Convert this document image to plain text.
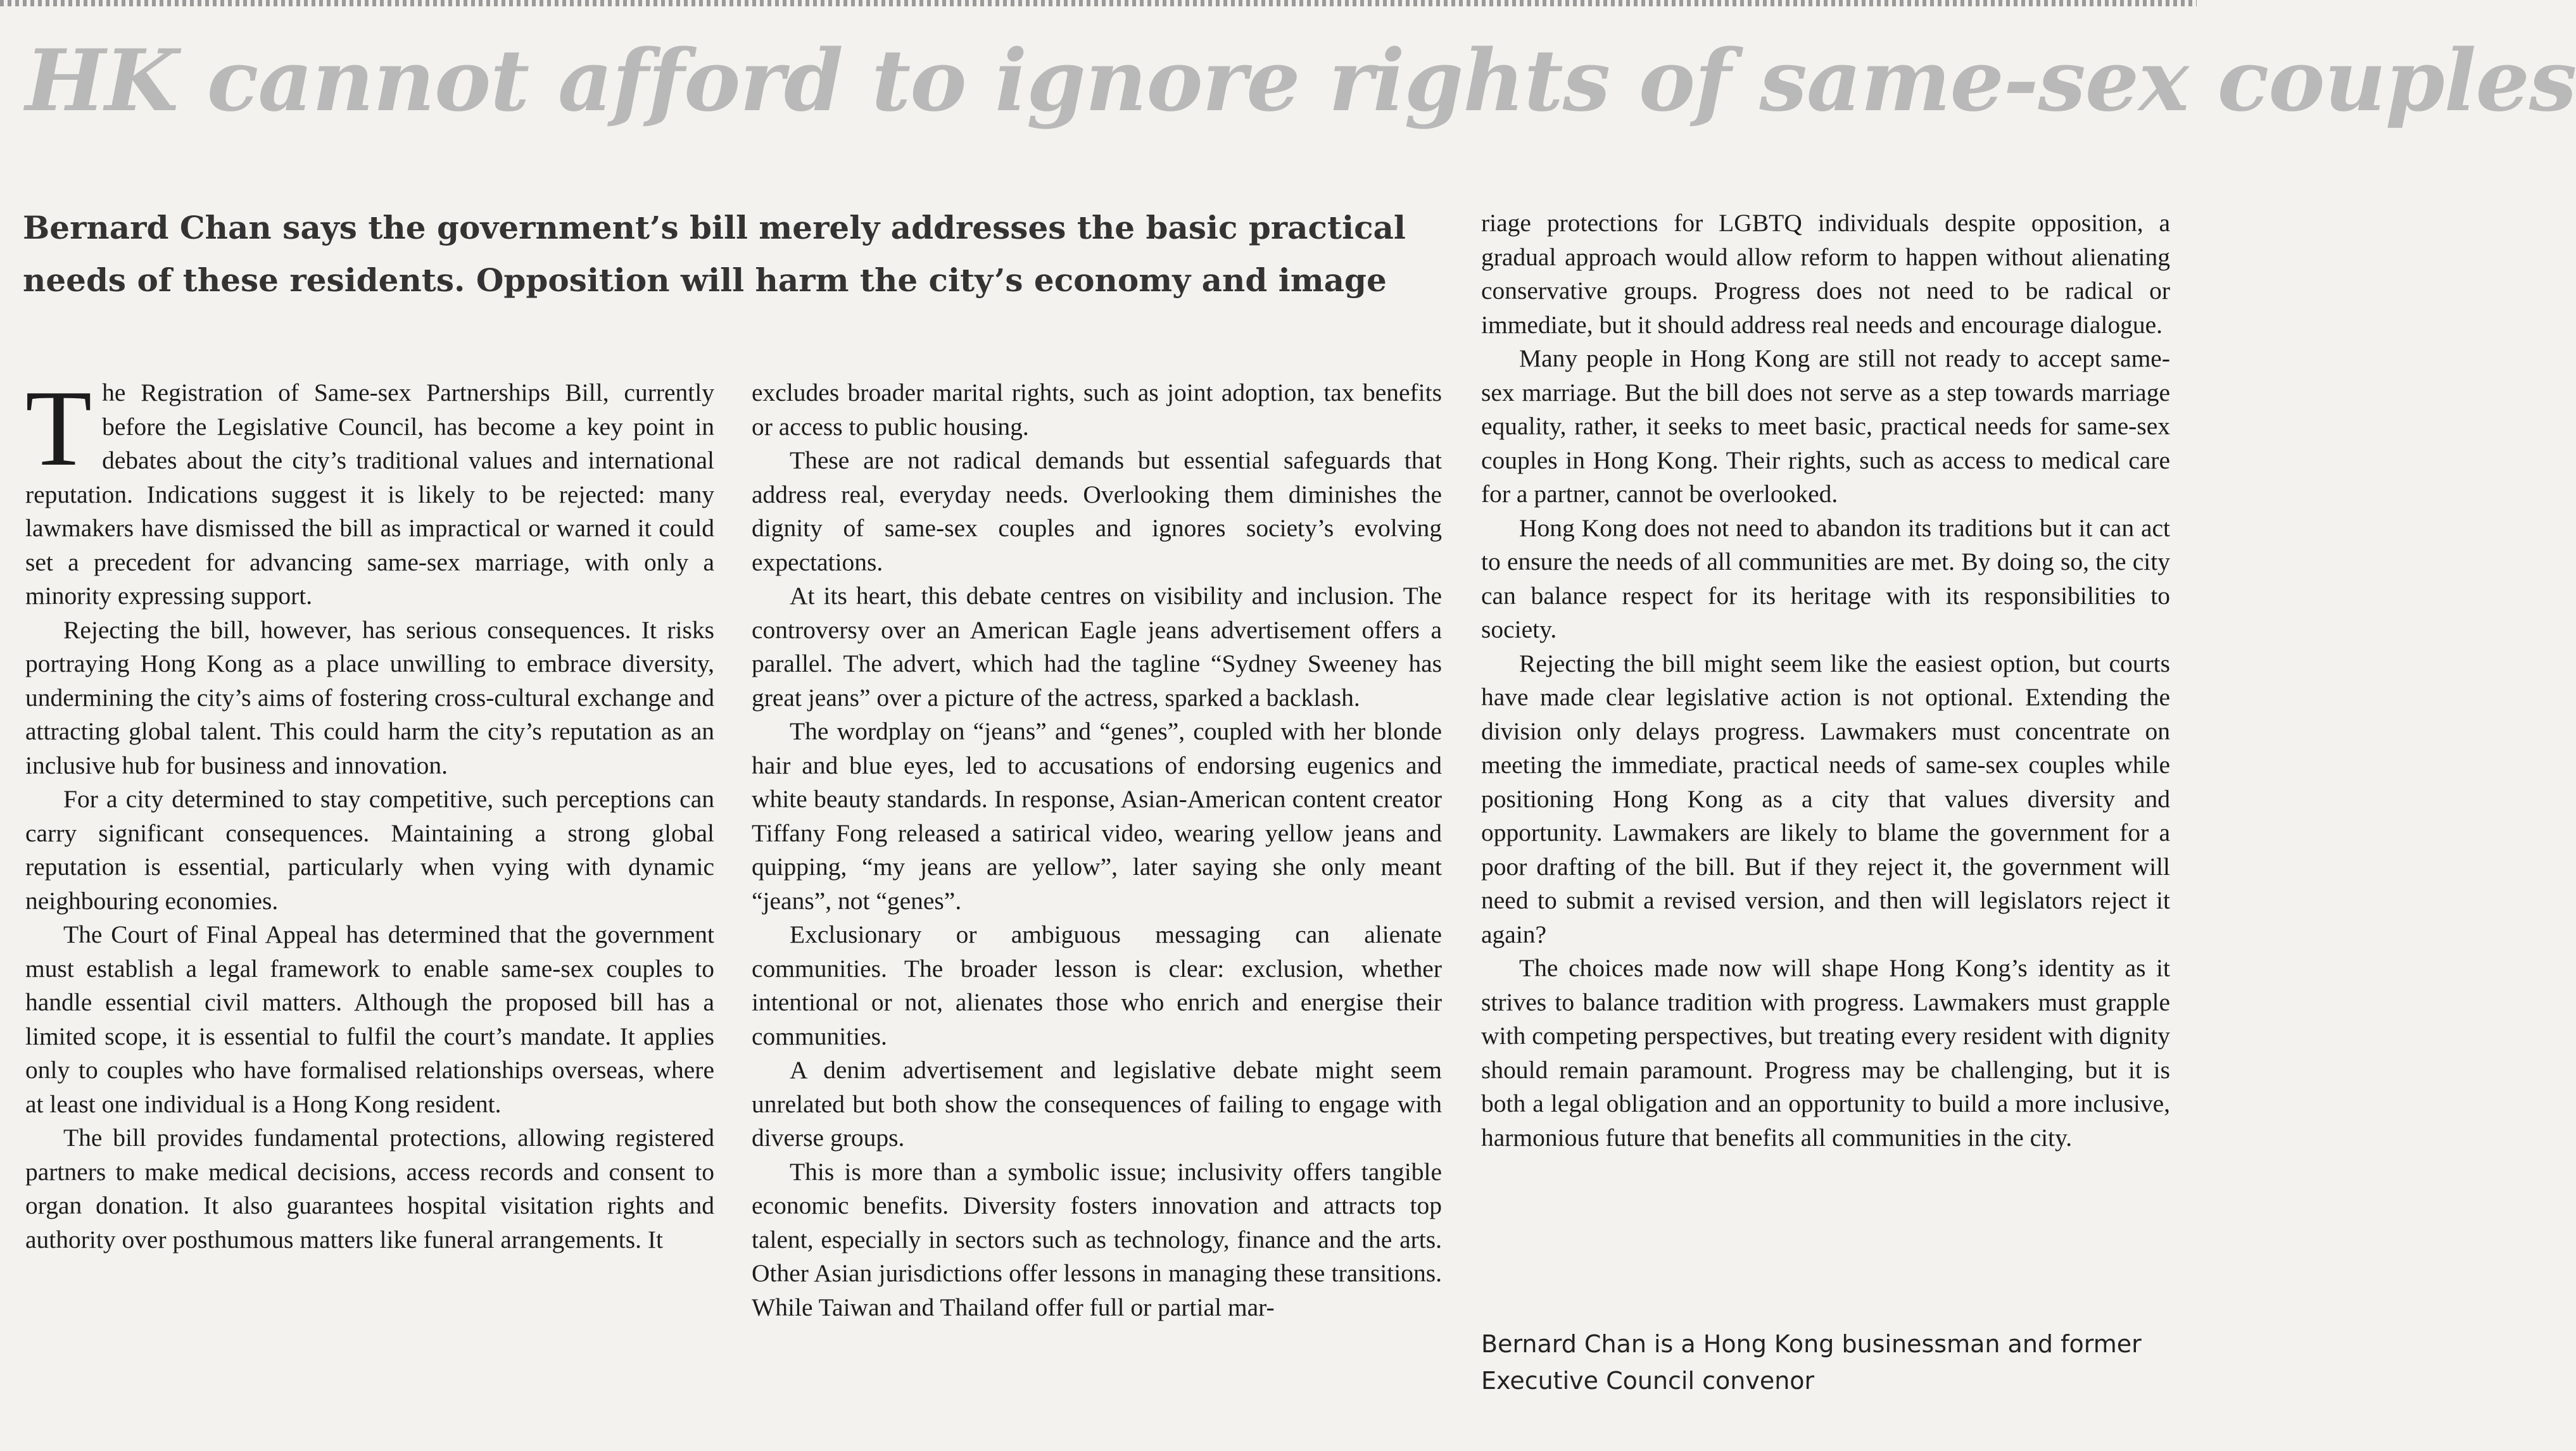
HK cannot afford to ignore rights of same-sex couples

Bernard Chan says the government’s bill merely addresses the basic practical needs of these residents. Opposition will harm the city’s economy and image

The Registration of Same-sex Partnerships Bill, currently before the Legislative Council, has become a key point in debates about the city’s traditional values and international reputation. Indications suggest it is likely to be rejected: many lawmakers have dismissed the bill as impractical or warned it could set a precedent for advancing same-sex marriage, with only a minority expressing support.

Rejecting the bill, however, has serious consequences. It risks portraying Hong Kong as a place unwilling to embrace diversity, undermining the city’s aims of fostering cross-cultural exchange and attracting global talent. This could harm the city’s reputation as an inclusive hub for business and innovation.

For a city determined to stay competitive, such perceptions can carry significant consequences. Maintaining a strong global reputation is essential, particularly when vying with dynamic neighbouring economies.

The Court of Final Appeal has determined that the government must establish a legal framework to enable same-sex couples to handle essential civil matters. Although the proposed bill has a limited scope, it is essential to fulfil the court’s mandate. It applies only to couples who have formalised relationships overseas, where at least one individual is a Hong Kong resident.

The bill provides fundamental protections, allowing registered partners to make medical decisions, access records and consent to organ donation. It also guarantees hospital visitation rights and authority over posthumous matters like funeral arrangements. It

excludes broader marital rights, such as joint adoption, tax benefits or access to public housing.

These are not radical demands but essential safeguards that address real, everyday needs. Overlooking them diminishes the dignity of same-sex couples and ignores society’s evolving expectations.

At its heart, this debate centres on visibility and inclusion. The controversy over an American Eagle jeans advertisement offers a parallel. The advert, which had the tagline “Sydney Sweeney has great jeans” over a picture of the actress, sparked a backlash.

The wordplay on “jeans” and “genes”, coupled with her blonde hair and blue eyes, led to accusations of endorsing eugenics and white beauty standards. In response, Asian-American content creator Tiffany Fong released a satirical video, wearing yellow jeans and quipping, “my jeans are yellow”, later saying she only meant “jeans”, not “genes”.

Exclusionary or ambiguous messaging can alienate communities. The broader lesson is clear: exclusion, whether intentional or not, alienates those who enrich and energise their communities.

A denim advertisement and legislative debate might seem unrelated but both show the consequences of failing to engage with diverse groups.

This is more than a symbolic issue; inclusivity offers tangible economic benefits. Diversity fosters innovation and attracts top talent, especially in sectors such as technology, finance and the arts. Other Asian jurisdictions offer lessons in managing these transitions. While Taiwan and Thailand offer full or partial mar-

riage protections for LGBTQ individuals despite opposition, a gradual approach would allow reform to happen without alienating conservative groups. Progress does not need to be radical or immediate, but it should address real needs and encourage dialogue.

Many people in Hong Kong are still not ready to accept same-sex marriage. But the bill does not serve as a step towards marriage equality, rather, it seeks to meet basic, practical needs for same-sex couples in Hong Kong. Their rights, such as access to medical care for a partner, cannot be overlooked.

Hong Kong does not need to abandon its traditions but it can act to ensure the needs of all communities are met. By doing so, the city can balance respect for its heritage with its responsibilities to society.

Rejecting the bill might seem like the easiest option, but courts have made clear legislative action is not optional. Extending the division only delays progress. Lawmakers must concentrate on meeting the immediate, practical needs of same-sex couples while positioning Hong Kong as a city that values diversity and opportunity. Lawmakers are likely to blame the government for a poor drafting of the bill. But if they reject it, the government will need to submit a revised version, and then will legislators reject it again?

The choices made now will shape Hong Kong’s identity as it strives to balance tradition with progress. Lawmakers must grapple with competing perspectives, but treating every resident with dignity should remain paramount. Progress may be challenging, but it is both a legal obligation and an opportunity to build a more inclusive, harmonious future that benefits all communities in the city.

Bernard Chan is a Hong Kong businessman and former Executive Council convenor
